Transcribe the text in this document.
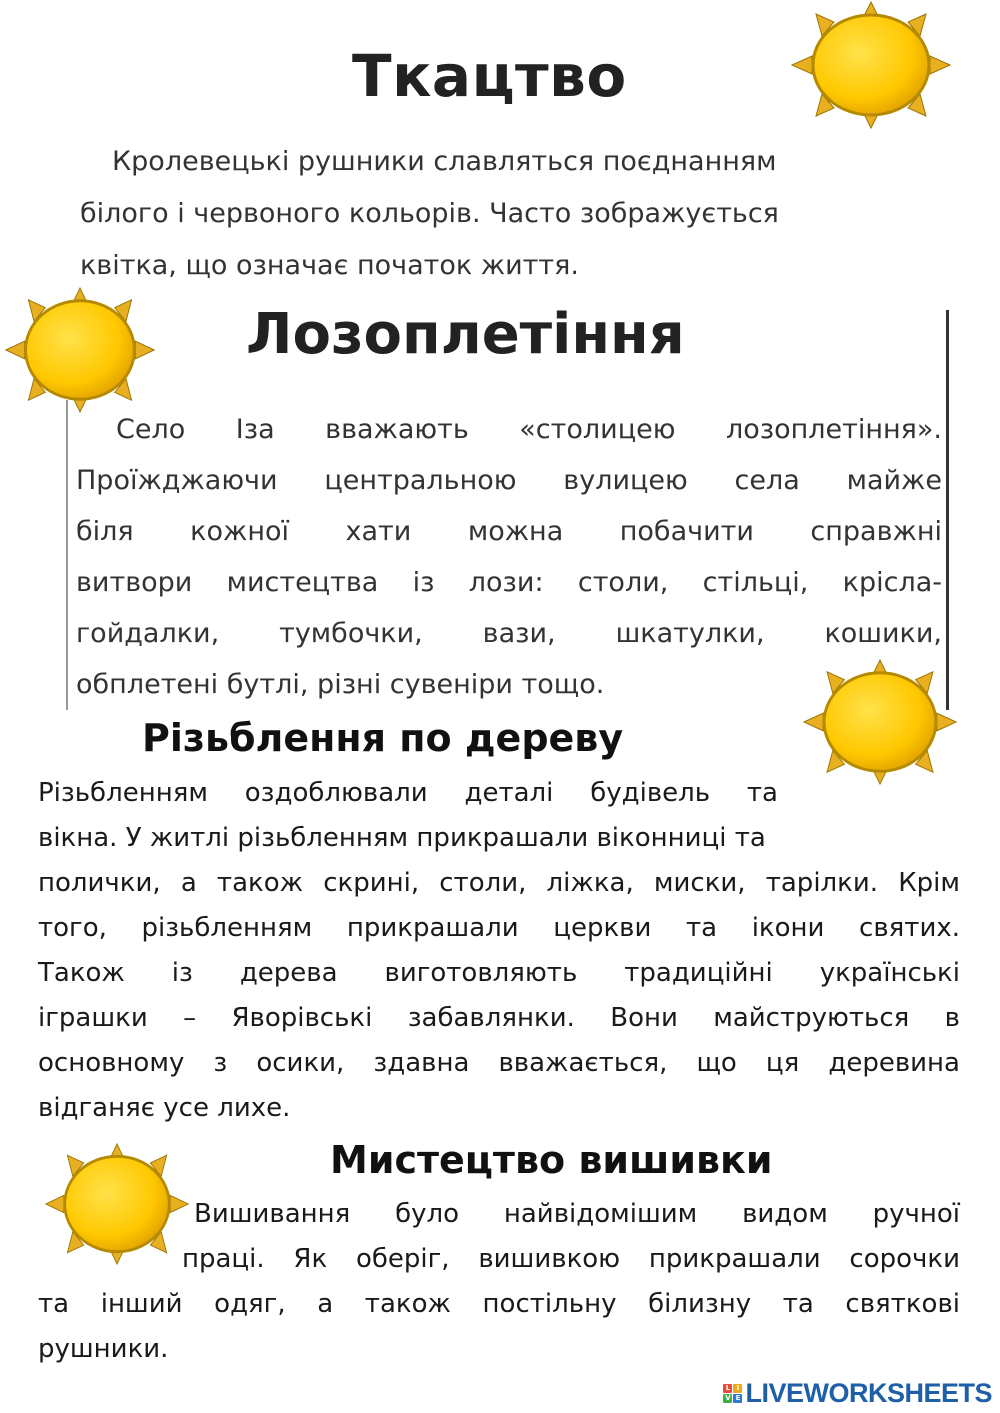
Ткацтво
Кролевецькі рушники славляться поєднанням
білого і червоного кольорів. Часто зображується
квітка, що означає початок життя.
Лозоплетіння
Село Іза вважають «столицею лозоплетіння».
Проїжджаючи центральною вулицею села майже
біля кожної хати можна побачити справжні
витвори мистецтва із лози: столи, стільці, крісла-
гойдалки, тумбочки, вази, шкатулки, кошики,
обплетені бутлі, різні сувеніри тощо.
Різьблення по дереву
Різьбленням оздоблювали деталі будівель та
вікна. У житлі різьбленням прикрашали віконниці та
полички, а також скрині, столи, ліжка, миски, тарілки. Крім
того, різьбленням прикрашали церкви та ікони святих.
Також із дерева виготовляють традиційні українські
іграшки – Яворівські забавлянки. Вони майструються в
основному з осики, здавна вважається, що ця деревина
відганяє усе лихе.
Мистецтво вишивки
Вишивання було найвідомішим видом ручної
праці. Як оберіг, вишивкою прикрашали сорочки
та інший одяг, а також постільну білизну та святкові
рушники.
L I
V E LIVEWORKSHEETS
